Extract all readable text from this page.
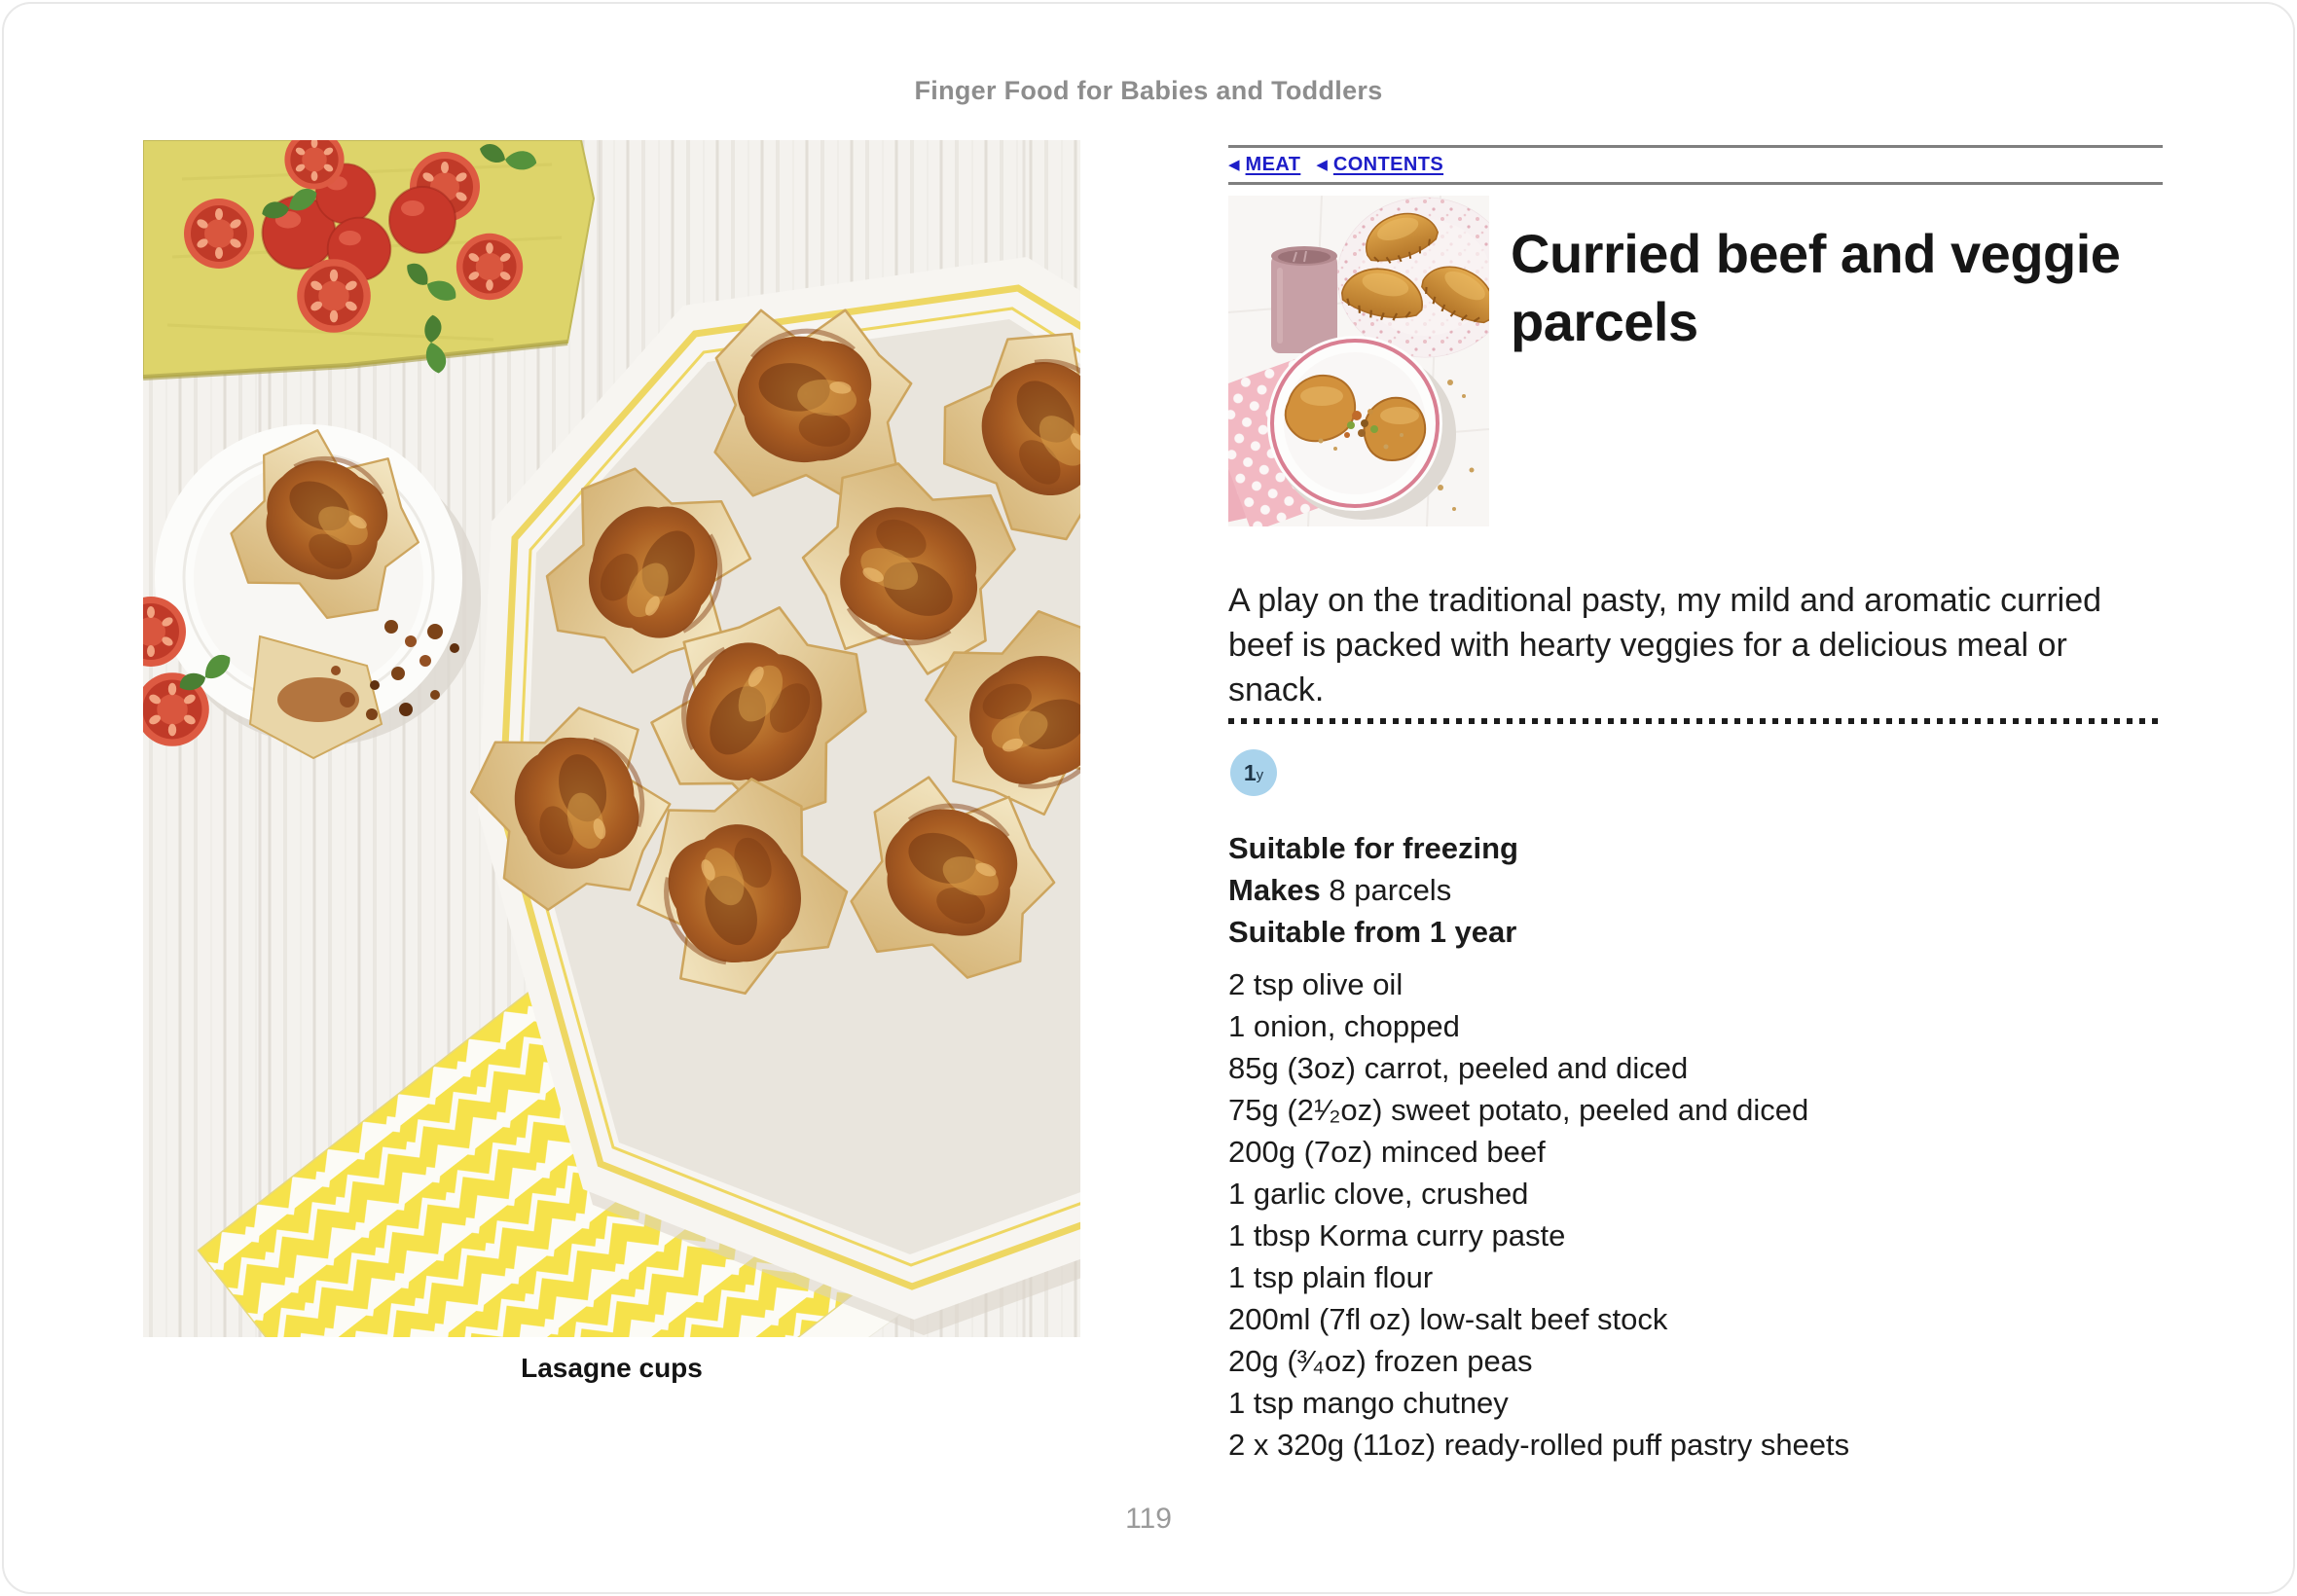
Finger Food for Babies and Toddlers
Lasagne cups
◀ MEAT ◀ CONTENTS
Curried beef and veggie parcels

A play on the traditional pasty, my mild and aromatic curried beef is packed with hearty veggies for a delicious meal or snack.

1 y

Suitable for freezing

Makes 8 parcels

Suitable from 1 year

2 tsp olive oil
1 onion, chopped
85g (3oz) carrot, peeled and diced
75g (2¹⁄₂oz) sweet potato, peeled and diced
200g (7oz) minced beef
1 garlic clove, crushed
1 tbsp Korma curry paste
1 tsp plain flour
200ml (7fl oz) low-salt beef stock
20g (³⁄₄oz) frozen peas
1 tsp mango chutney
2 x 320g (11oz) ready-rolled puff pastry sheets
119
